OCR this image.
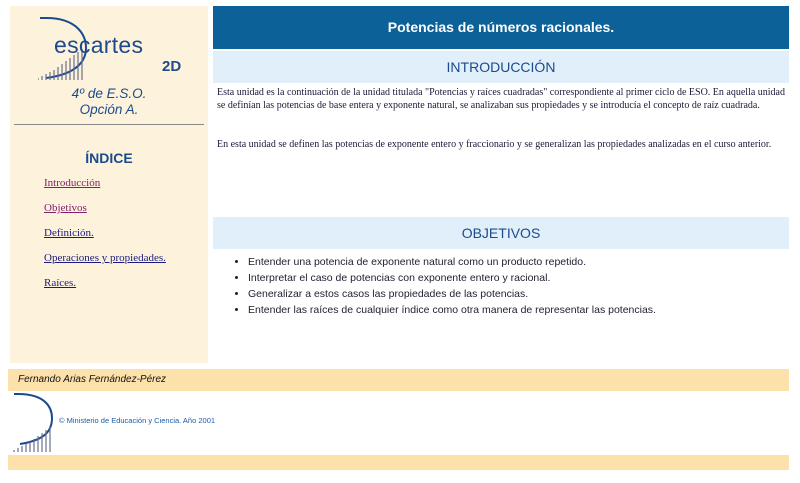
escartes
2D
4º de E.S.O.
Opción A.
ÍNDICE
Introducción
Objetivos
Definición.
Operaciones y propiedades.
Raíces.
Potencias de números racionales.
INTRODUCCIÓN

Esta unidad es la continuación de la unidad titulada "Potencias y raíces cuadradas" correspondiente al primer ciclo de ESO. En aquella unidad se definían las potencias de base entera y exponente natural, se analizaban sus propiedades y se introducía el concepto de raíz cuadrada.

En esta unidad se definen las potencias de exponente entero y fraccionario y se generalizan las propiedades analizadas en el curso anterior.

OBJETIVOS
• Entender una potencia de exponente natural como un producto repetido.
• Interpretar el caso de potencias con exponente entero y racional.
• Generalizar a estos casos las propiedades de las potencias.
• Entender las raíces de cualquier índice como otra manera de representar las potencias.
Fernando Arias Fernández-Pérez
© Ministerio de Educación y Ciencia. Año 2001
